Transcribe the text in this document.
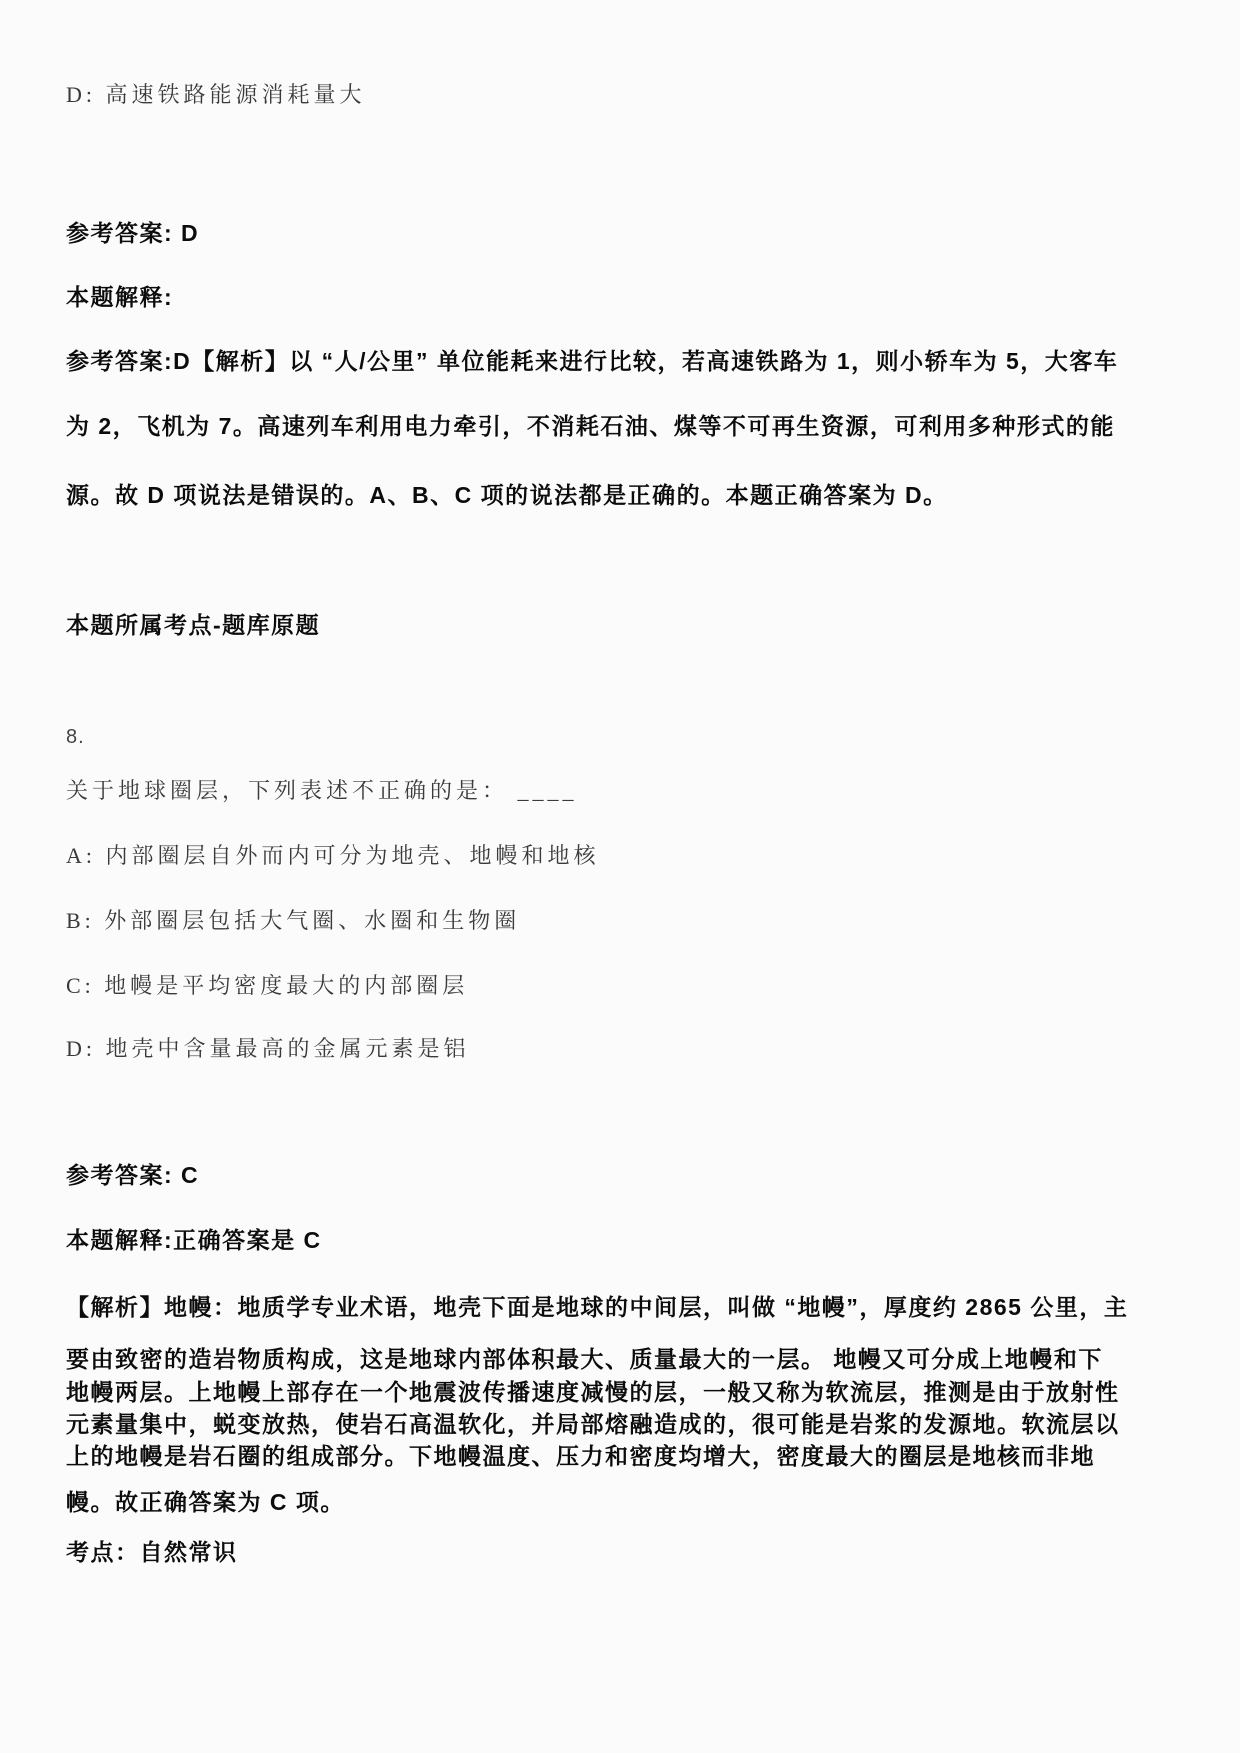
D: 高速铁路能源消耗量大
参考答案: D
本题解释:
参考答案:D【解析】以 “人/公里” 单位能耗来进行比较，若高速铁路为 1，则小轿车为 5，大客车
为 2，飞机为 7。高速列车利用电力牵引，不消耗石油、煤等不可再生资源，可利用多种形式的能
源。故 D 项说法是错误的。A、B、C 项的说法都是正确的。本题正确答案为 D。
本题所属考点-题库原题
8.
关于地球圈层，下列表述不正确的是： ____
A: 内部圈层自外而内可分为地壳、地幔和地核
B: 外部圈层包括大气圈、水圈和生物圈
C: 地幔是平均密度最大的内部圈层
D: 地壳中含量最高的金属元素是铝
参考答案: C
本题解释:正确答案是 C
【解析】地幔：地质学专业术语，地壳下面是地球的中间层，叫做 “地幔”，厚度约 2865 公里，主
要由致密的造岩物质构成，这是地球内部体积最大、质量最大的一层。 地幔又可分成上地幔和下
地幔两层。上地幔上部存在一个地震波传播速度减慢的层，一般又称为软流层，推测是由于放射性
元素量集中，蜕变放热，使岩石高温软化，并局部熔融造成的，很可能是岩浆的发源地。软流层以
上的地幔是岩石圈的组成部分。下地幔温度、压力和密度均增大，密度最大的圈层是地核而非地
幔。故正确答案为 C 项。
考点：自然常识
